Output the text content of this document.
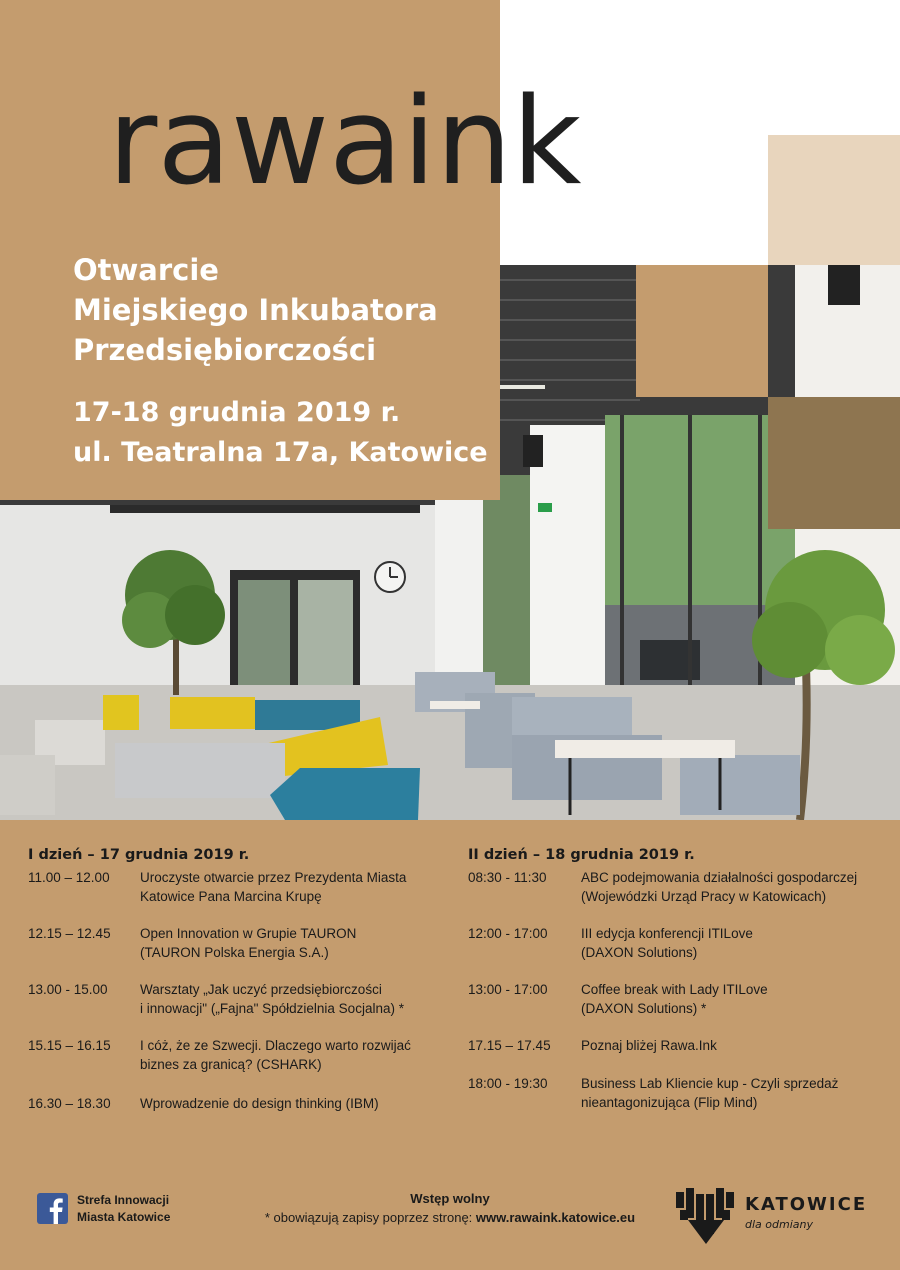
rawaink
Otwarcie
Miejskiego Inkubatora
Przedsiębiorczości
17-18 grudnia 2019 r.
ul. Teatralna 17a, Katowice
I dzień – 17 grudnia 2019 r.
11.00 – 12.00 Uroczyste otwarcie przez Prezydenta Miasta
Katowice Pana Marcina Krupę
12.15 – 12.45 Open Innovation w Grupie TAURON
(TAURON Polska Energia S.A.)
13.00 - 15.00 Warsztaty „Jak uczyć przedsiębiorczości
i innowacji" („Fajna" Spółdzielnia Socjalna) *
15.15 – 16.15 I cóż, że ze Szwecji. Dlaczego warto rozwijać
biznes za granicą? (CSHARK)
16.30 – 18.30 Wprowadzenie do design thinking (IBM)
II dzień – 18 grudnia 2019 r.
08:30 - 11:30	ABC podejmowania działalności gospodarczej
(Wojewódzki Urząd Pracy w Katowicach)
12:00 - 17:00 III edycja konferencji ITILove
(DAXON Solutions)
13:00 - 17:00 Coffee break with Lady ITILove
(DAXON Solutions) *
17.15 – 17.45 Poznaj bliżej Rawa.Ink
18:00 - 19:30 Business Lab Kliencie kup - Czyli sprzedaż
nieantagonizująca (Flip Mind)
Strefa Innowacji
Miasta Katowice
Wstęp wolny
* obowiązują zapisy poprzez stronę: www.rawaink.katowice.eu
KATOWICE
dla odmiany
